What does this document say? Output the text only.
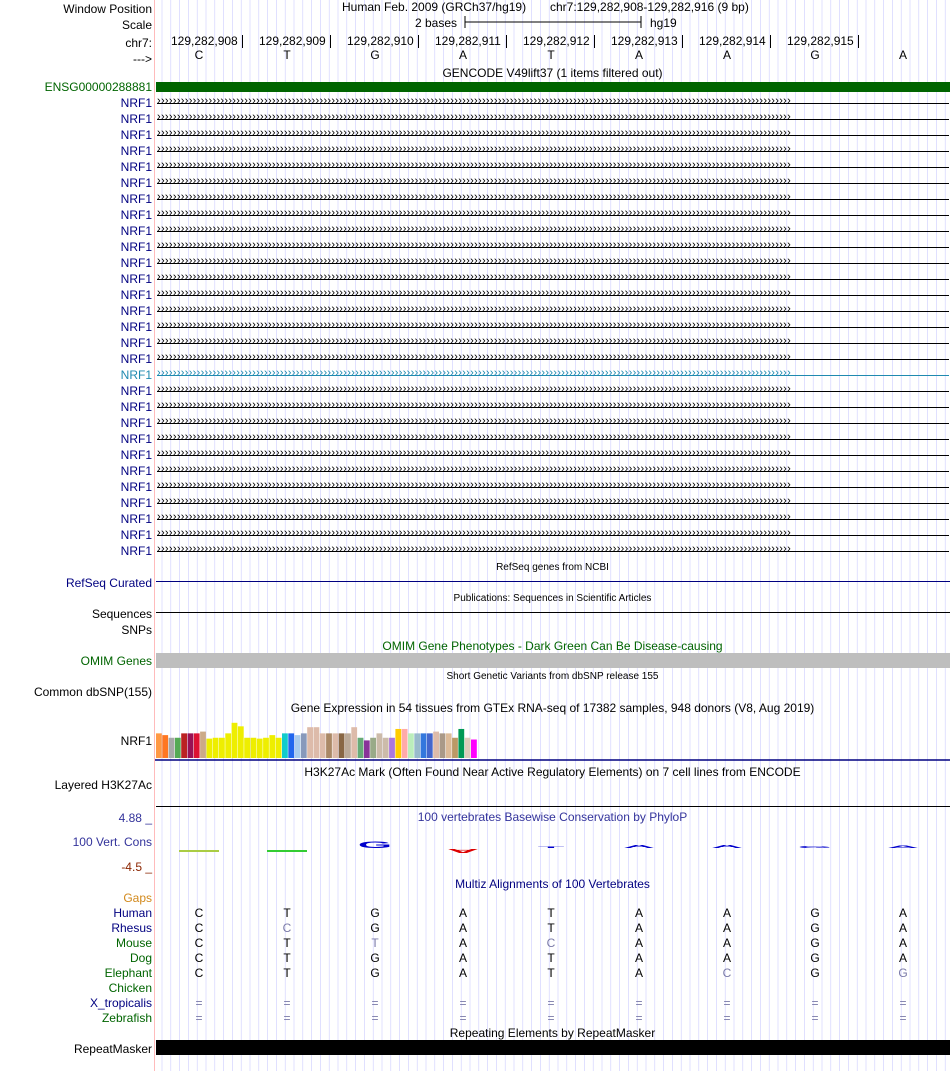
Window Position	Human Feb. 2009 (GRCh37/hg19) chr7:129,282,908-129,282,916 (9 bp)
Scale	2 bases	hg19
chr7: 129,282,908 129,282,909 129,282,910 129,282,911 129,282,912 129,282,913 129,282,914 129,282,915
--->	C	T	G	A	T	A	A	G	A
GENCODE V49lift37 (1 items filtered out)
ENSG00000288881
NRF1 ››››››››››››››››››››››››››››››››››››››››››››››››››››››››››››››››››››››››››››››››››››››››››››››››››››››››››››››››››››››››››››››››››››››››››››››››››››››››››››››››
NRF1 ››››››››››››››››››››››››››››››››››››››››››››››››››››››››››››››››››››››››››››››››››››››››››››››››››››››››››››››››››››››››››››››››››››››››››››››››››››››››››››››››
NRF1 ››››››››››››››››››››››››››››››››››››››››››››››››››››››››››››››››››››››››››››››››››››››››››››››››››››››››››››››››››››››››››››››››››››››››››››››››››››››››››››››››
NRF1 ››››››››››››››››››››››››››››››››››››››››››››››››››››››››››››››››››››››››››››››››››››››››››››››››››››››››››››››››››››››››››››››››››››››››››››››››››››››››››››››››
NRF1 ››››››››››››››››››››››››››››››››››››››››››››››››››››››››››››››››››››››››››››››››››››››››››››››››››››››››››››››››››››››››››››››››››››››››››››››››››››››››››››››››
NRF1 ››››››››››››››››››››››››››››››››››››››››››››››››››››››››››››››››››››››››››››››››››››››››››››››››››››››››››››››››››››››››››››››››››››››››››››››››››››››››››››››››
NRF1 ››››››››››››››››››››››››››››››››››››››››››››››››››››››››››››››››››››››››››››››››››››››››››››››››››››››››››››››››››››››››››››››››››››››››››››››››››››››››››››››››
NRF1 ››››››››››››››››››››››››››››››››››››››››››››››››››››››››››››››››››››››››››››››››››››››››››››››››››››››››››››››››››››››››››››››››››››››››››››››››››››››››››››››››
NRF1 ››››››››››››››››››››››››››››››››››››››››››››››››››››››››››››››››››››››››››››››››››››››››››››››››››››››››››››››››››››››››››››››››››››››››››››››››››››››››››››››››
NRF1 ››››››››››››››››››››››››››››››››››››››››››››››››››››››››››››››››››››››››››››››››››››››››››››››››››››››››››››››››››››››››››››››››››››››››››››››››››››››››››››››››
NRF1 ››››››››››››››››››››››››››››››››››››››››››››››››››››››››››››››››››››››››››››››››››››››››››››››››››››››››››››››››››››››››››››››››››››››››››››››››››››››››››››››››
NRF1 ››››››››››››››››››››››››››››››››››››››››››››››››››››››››››››››››››››››››››››››››››››››››››››››››››››››››››››››››››››››››››››››››››››››››››››››››››››››››››››››››
NRF1 ››››››››››››››››››››››››››››››››››››››››››››››››››››››››››››››››››››››››››››››››››››››››››››››››››››››››››››››››››››››››››››››››››››››››››››››››››››››››››››››››
NRF1 ››››››››››››››››››››››››››››››››››››››››››››››››››››››››››››››››››››››››››››››››››››››››››››››››››››››››››››››››››››››››››››››››››››››››››››››››››››››››››››››››
NRF1 ››››››››››››››››››››››››››››››››››››››››››››››››››››››››››››››››››››››››››››››››››››››››››››››››››››››››››››››››››››››››››››››››››››››››››››››››››››››››››››››››
NRF1 ››››››››››››››››››››››››››››››››››››››››››››››››››››››››››››››››››››››››››››››››››››››››››››››››››››››››››››››››››››››››››››››››››››››››››››››››››››››››››››››››
NRF1 ››››››››››››››››››››››››››››››››››››››››››››››››››››››››››››››››››››››››››››››››››››››››››››››››››››››››››››››››››››››››››››››››››››››››››››››››››››››››››››››››
NRF1 ››››››››››››››››››››››››››››››››››››››››››››››››››››››››››››››››››››››››››››››››››››››››››››››››››››››››››››››››››››››››››››››››››››››››››››››››››››››››››››››››
NRF1 ››››››››››››››››››››››››››››››››››››››››››››››››››››››››››››››››››››››››››››››››››››››››››››››››››››››››››››››››››››››››››››››››››››››››››››››››››››››››››››››››
NRF1 ››››››››››››››››››››››››››››››››››››››››››››››››››››››››››››››››››››››››››››››››››››››››››››››››››››››››››››››››››››››››››››››››››››››››››››››››››››››››››››››››
NRF1 ››››››››››››››››››››››››››››››››››››››››››››››››››››››››››››››››››››››››››››››››››››››››››››››››››››››››››››››››››››››››››››››››››››››››››››››››››››››››››››››››
NRF1 ››››››››››››››››››››››››››››››››››››››››››››››››››››››››››››››››››››››››››››››››››››››››››››››››››››››››››››››››››››››››››››››››››››››››››››››››››››››››››››››››
NRF1 ››››››››››››››››››››››››››››››››››››››››››››››››››››››››››››››››››››››››››››››››››››››››››››››››››››››››››››››››››››››››››››››››››››››››››››››››››››››››››››››››
NRF1 ››››››››››››››››››››››››››››››››››››››››››››››››››››››››››››››››››››››››››››››››››››››››››››››››››››››››››››››››››››››››››››››››››››››››››››››››››››››››››››››››
NRF1 ››››››››››››››››››››››››››››››››››››››››››››››››››››››››››››››››››››››››››››››››››››››››››››››››››››››››››››››››››››››››››››››››››››››››››››››››››››››››››››››››
NRF1 ››››››››››››››››››››››››››››››››››››››››››››››››››››››››››››››››››››››››››››››››››››››››››››››››››››››››››››››››››››››››››››››››››››››››››››››››››››››››››››››››
NRF1 ››››››››››››››››››››››››››››››››››››››››››››››››››››››››››››››››››››››››››››››››››››››››››››››››››››››››››››››››››››››››››››››››››››››››››››››››››››››››››››››››
NRF1 ››››››››››››››››››››››››››››››››››››››››››››››››››››››››››››››››››››››››››››››››››››››››››››››››››››››››››››››››››››››››››››››››››››››››››››››››››››››››››››››››
NRF1 ››››››››››››››››››››››››››››››››››››››››››››››››››››››››››››››››››››››››››››››››››››››››››››››››››››››››››››››››››››››››››››››››››››››››››››››››››››››››››››››››
RefSeq genes from NCBI
RefSeq Curated
Publications: Sequences in Scientific Articles
Sequences
SNPs
OMIM Gene Phenotypes - Dark Green Can Be Disease-causing
OMIM Genes
Short Genetic Variants from dbSNP release 155
Common dbSNP(155)
Gene Expression in 54 tissues from GTEx RNA-seq of 17382 samples, 948 donors (V8, Aug 2019)
NRF1
H3K27Ac Mark (Often Found Near Active Regulatory Elements) on 7 cell lines from ENCODE
Layered H3K27Ac
100 vertebrates Basewise Conservation by PhyloP
4.88 _
100 Vert. Cons
-4.5 _
G
A
T	A	A	G	A
Multiz Alignments of 100 Vertebrates
Gaps
Human	C	T	G	A	T	A	A	G	A
Rhesus	C	C	G	A	T	A	A	G	A
Mouse	C	T	T	A	C	A	A	G	A
Dog	C	T	G	A	T	A	A	G	A
Elephant	C	T	G	A	T	A	C	G	G
Chicken
X_tropicalis	=	=	=	=	=	=	=	=	=
Zebrafish	=	=	=	=	=	=	=	=	=
Repeating Elements by RepeatMasker
RepeatMasker
